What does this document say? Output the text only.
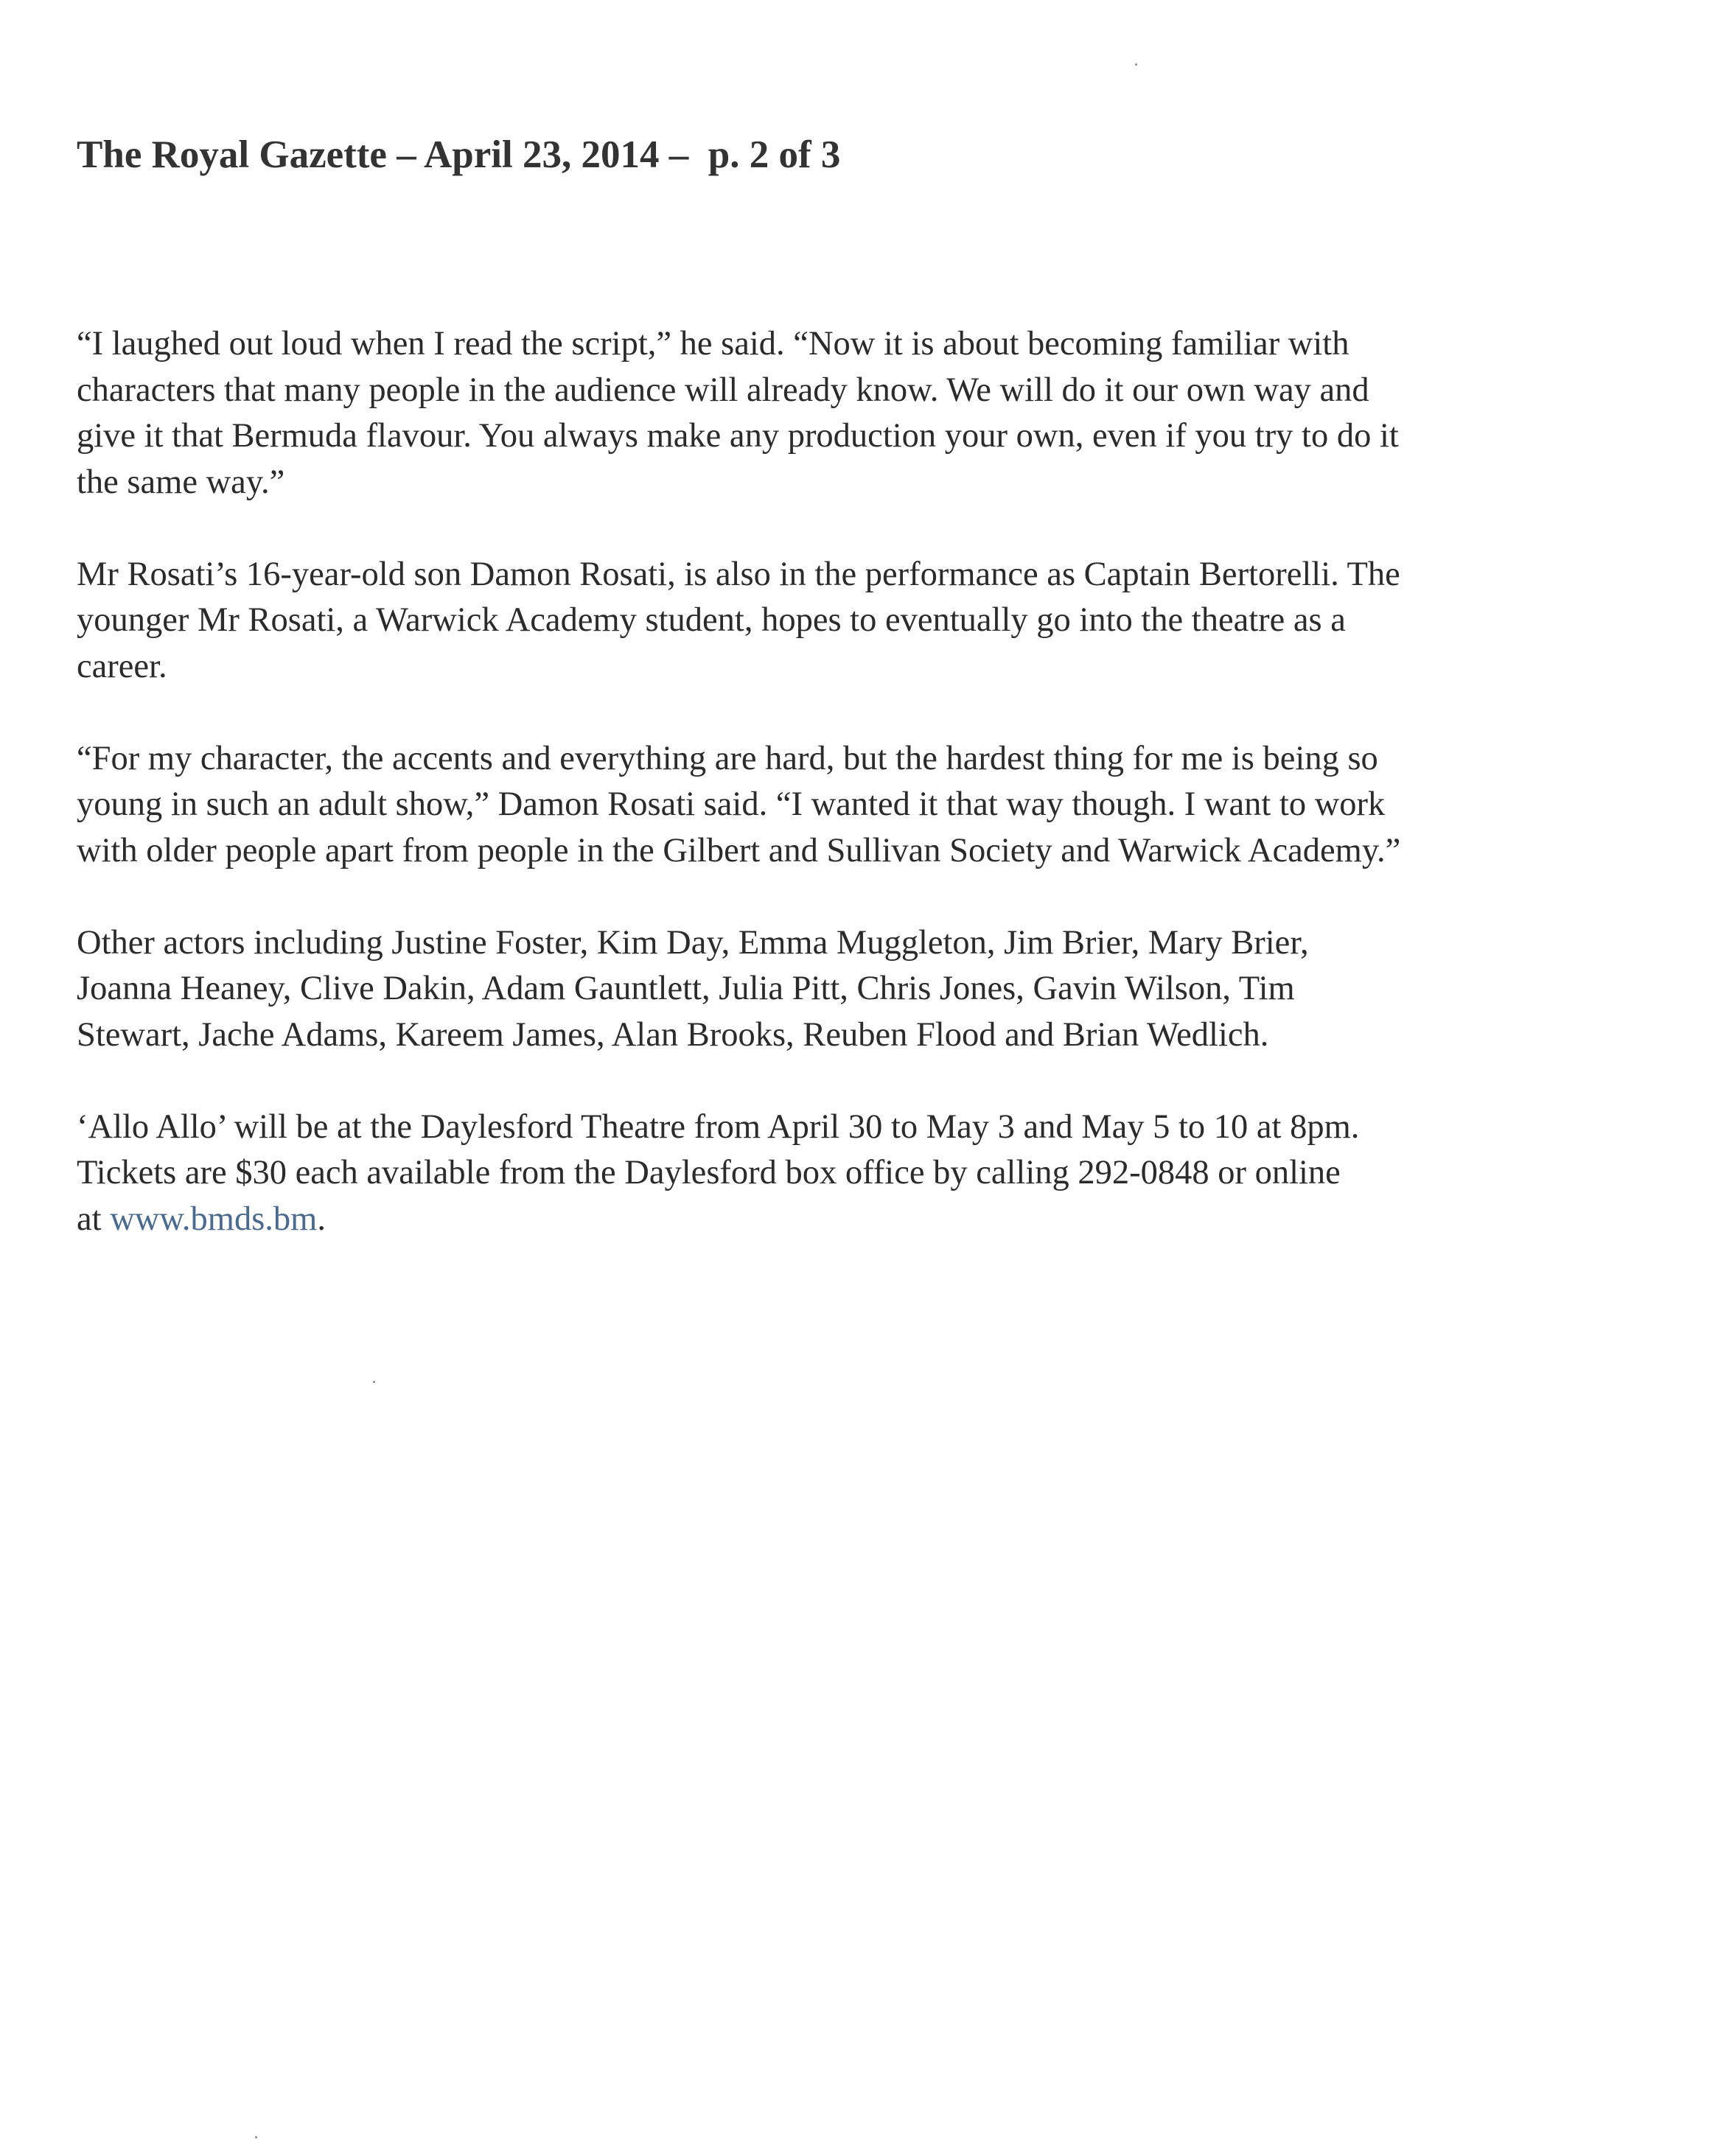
The Royal Gazette – April 23, 2014 –  p. 2 of 3

“I laughed out loud when I read the script,” he said. “Now it is about becoming familiar with
characters that many people in the audience will already know. We will do it our own way and
give it that Bermuda flavour. You always make any production your own, even if you try to do it
the same way.”

Mr Rosati’s 16-year-old son Damon Rosati, is also in the performance as Captain Bertorelli. The
younger Mr Rosati, a Warwick Academy student, hopes to eventually go into the theatre as a
career.

“For my character, the accents and everything are hard, but the hardest thing for me is being so
young in such an adult show,” Damon Rosati said. “I wanted it that way though. I want to work
with older people apart from people in the Gilbert and Sullivan Society and Warwick Academy.”

Other actors including Justine Foster, Kim Day, Emma Muggleton, Jim Brier, Mary Brier,
Joanna Heaney, Clive Dakin, Adam Gauntlett, Julia Pitt, Chris Jones, Gavin Wilson, Tim
Stewart, Jache Adams, Kareem James, Alan Brooks, Reuben Flood and Brian Wedlich.

‘Allo Allo’ will be at the Daylesford Theatre from April 30 to May 3 and May 5 to 10 at 8pm.
Tickets are $30 each available from the Daylesford box office by calling 292-0848 or online
at www.bmds.bm.
